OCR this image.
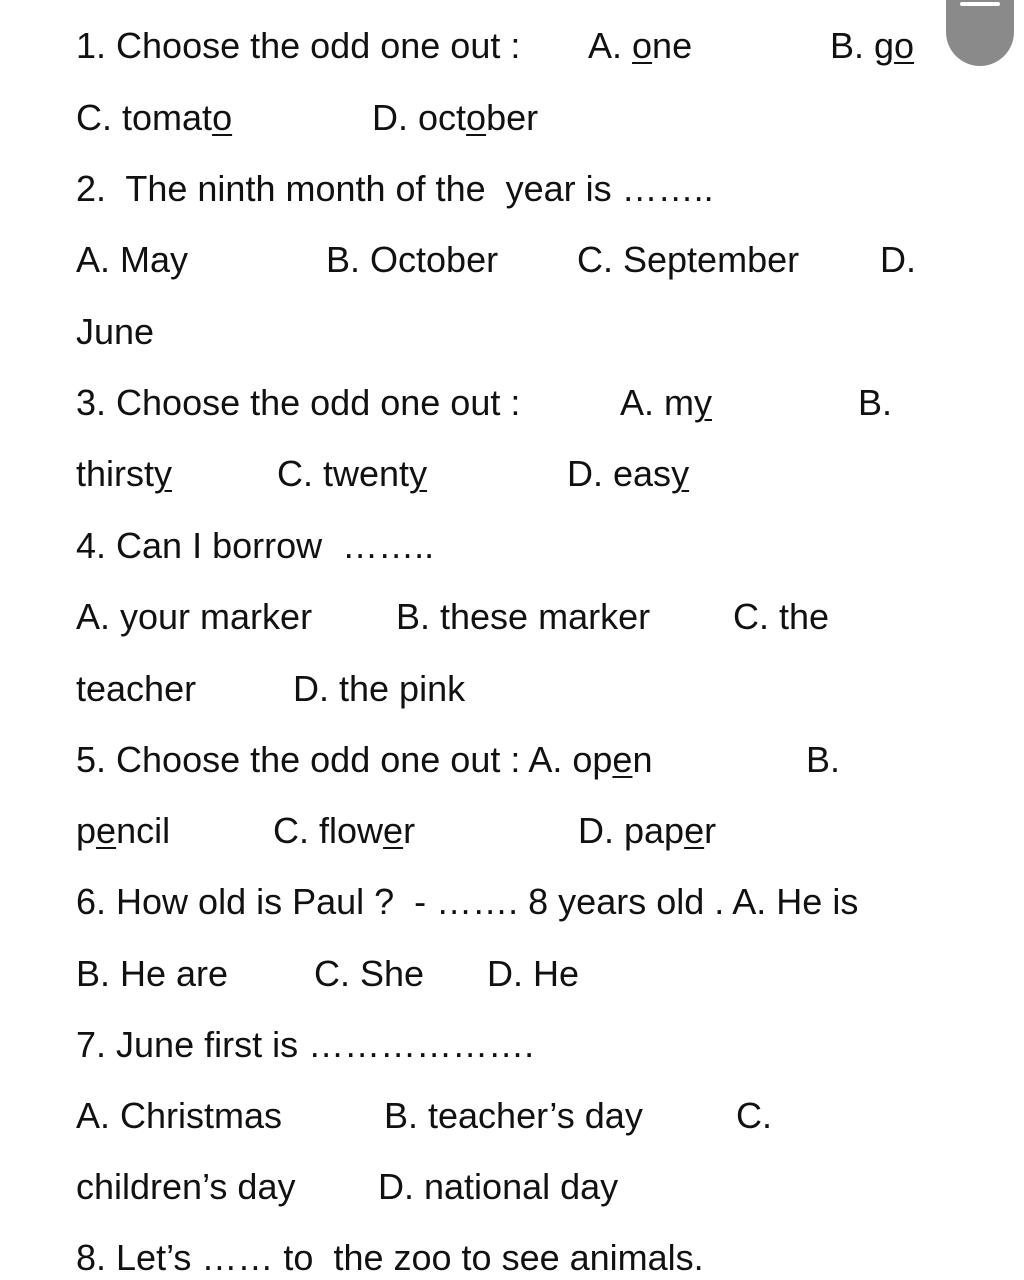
1. Choose the odd one out : A. one	B. go
C. tomato	D. october
2.  The ninth month of the  year is ……..
A. May	B. October C. September D.
June
3. Choose the odd one out :	A. my	B.
thirsty	C. twenty	D. easy
4. Can I borrow  ……..
A. your marker B. these marker C. the
teacher	D. the pink
5. Choose the odd one out : A. open	B.
pencil	C. flower	D. paper
6. How old is Paul ?  - ……. 8 years old . A. He is
B. He are C. She D. He
7. June first is ……………….
A. Christmas	B. teacher’s day	C.
children’s day D. national day
8. Let’s …… to  the zoo to see animals.
